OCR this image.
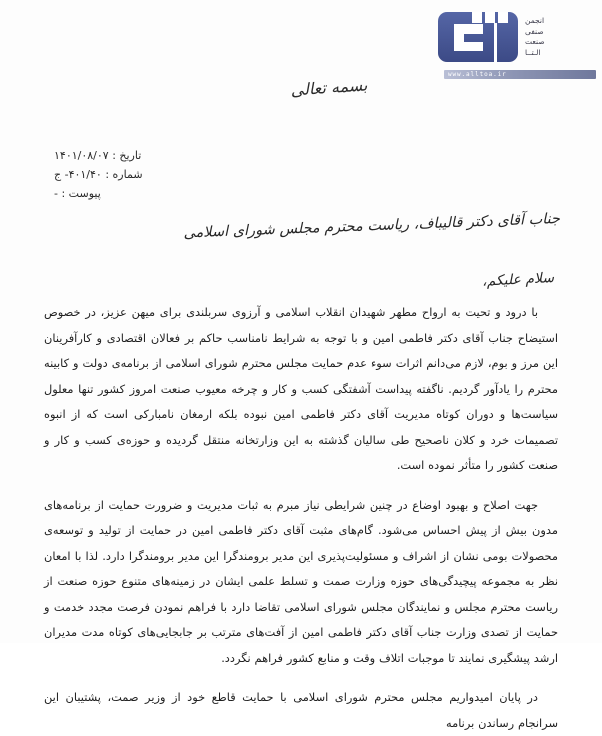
انجمن
صنفی
صنعت
الـتــا
www.alltoa.ir
بسمه تعالی
تاریخ : ۱۴۰۱/۰۸/۰۷
شماره : ۴۰۱/۴۰- ج
پیوست : -
جناب آقای دکتر قالیباف، ریاست محترم مجلس شورای اسلامی
سلام علیکم،

با درود و تحیت به ارواح مطهر شهیدان انقلاب اسلامی و آرزوی سربلندی برای میهن عزیز، در خصوص استیضاح جناب آقای دکتر فاطمی امین و با توجه به شرایط نامناسب حاکم بر فعالان اقتصادی و کارآفرینان این مرز و بوم، لازم می‌دانم اثرات سوء عدم حمایت مجلس محترم شورای اسلامی از برنامه‌ی دولت و کابینه محترم را یادآور گردیم. ناگفته پیداست آشفتگی کسب و کار و چرخه معیوب صنعت امروز کشور تنها معلول سیاست‌ها و دوران کوتاه مدیریت آقای دکتر فاطمی امین نبوده بلکه ارمغان نامبارکی است که از انبوه تصمیمات خرد و کلان ناصحیح طی سالیان گذشته به این وزارتخانه منتقل گردیده و حوزه‌ی کسب و کار و صنعت کشور را متأثر نموده است.

جهت اصلاح و بهبود اوضاع در چنین شرایطی نیاز مبرم به ثبات مدیریت و ضرورت حمایت از برنامه‌های مدون بیش از پیش احساس می‌شود. گام‌های مثبت آقای دکتر فاطمی امین در حمایت از تولید و توسعه‌ی محصولات بومی نشان از اشراف و مسئولیت‌پذیری این مدیر برومندگرا این مدیر برومندگرا دارد. لذا با امعان نظر به مجموعه پیچیدگی‌های حوزه وزارت صمت و تسلط علمی ایشان در زمینه‌های متنوع حوزه صنعت از ریاست محترم مجلس و نمایندگان مجلس شورای اسلامی تقاضا دارد با فراهم نمودن فرصت مجدد خدمت و حمایت از تصدی وزارت جناب آقای دکتر فاطمی امین از آفت‌های مترتب بر جابجایی‌های کوتاه مدت مدیران ارشد پیشگیری نمایند تا موجبات اتلاف وقت و منابع کشور فراهم نگردد.

در پایان امیدواریم مجلس محترم شورای اسلامی با حمایت قاطع خود از وزیر صمت، پشتیبان این سرانجام رساندن برنامه
